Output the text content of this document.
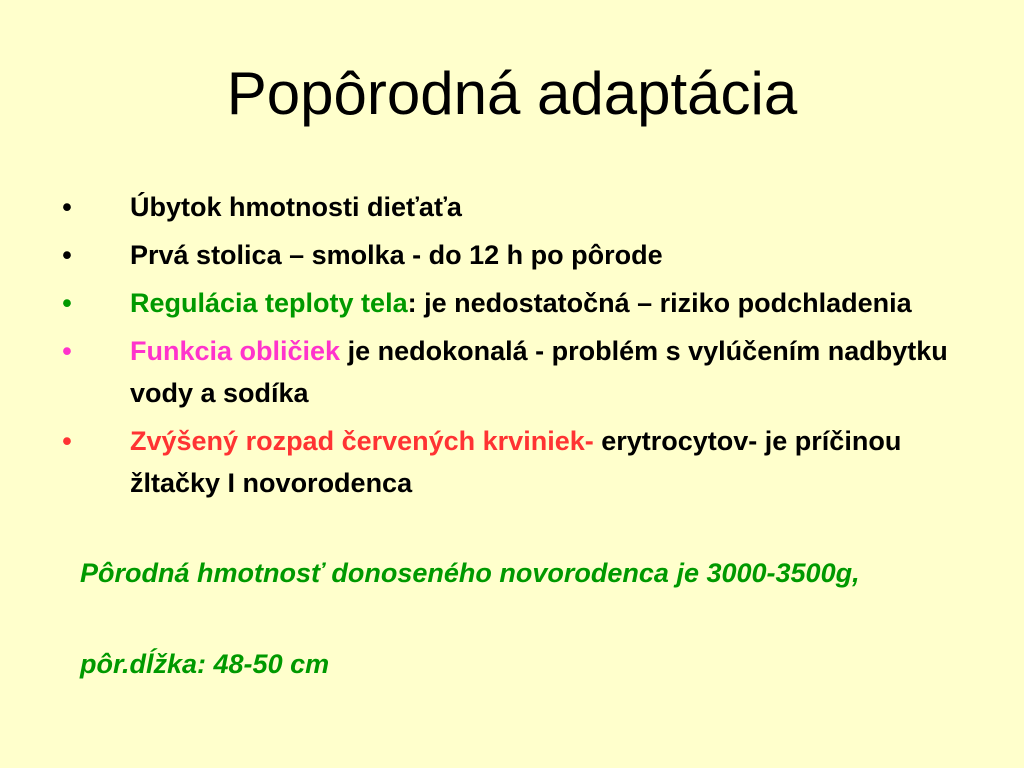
Popôrodná adaptácia
• Úbytok hmotnosti dieťaťa
• Prvá stolica – smolka - do 12 h po pôrode
• Regulácia teploty tela: je nedostatočná – riziko podchladenia
• Funkcia obličiek je nedokonalá - problém s vylúčením nadbytku vody a sodíka
• Zvýšený rozpad červených krviniek- erytrocytov- je príčinou žltačky I novorodenca

Pôrodná hmotnosť donoseného novorodenca je 3000-3500g,

pôr.dĺžka: 48-50 cm
